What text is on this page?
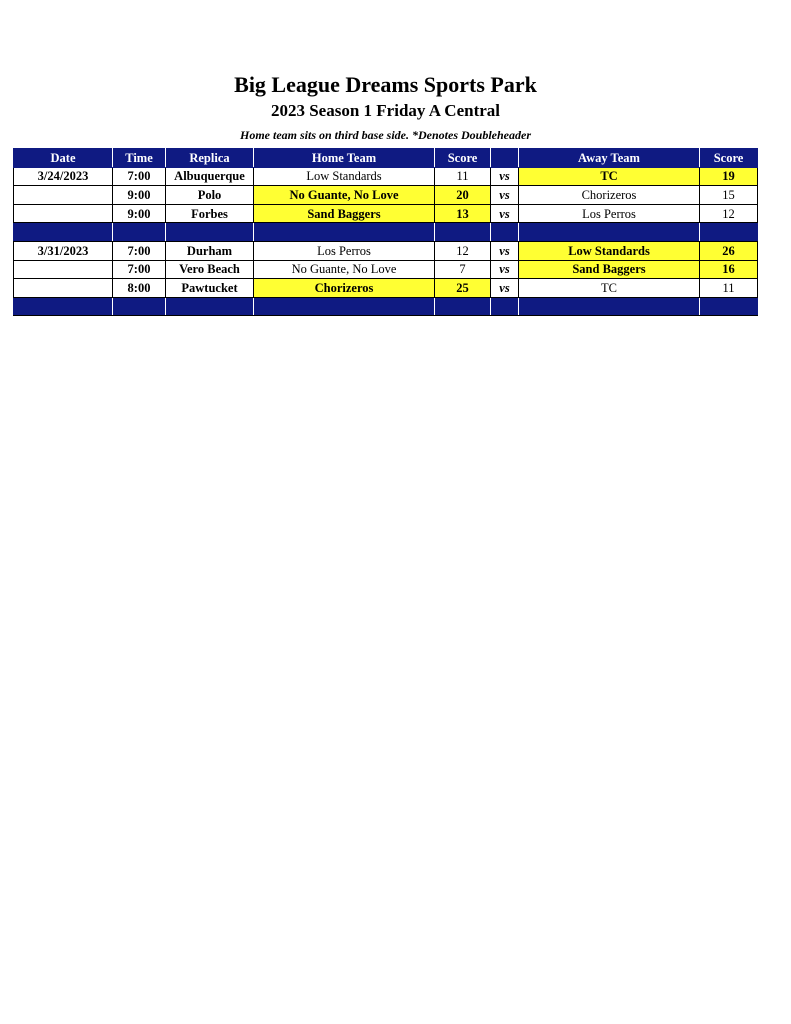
Big League Dreams Sports Park
2023 Season 1 Friday A Central
Home team sits on third base side. *Denotes Doubleheader
Date	Time	Replica	Home Team	Score		Away Team	Score
3/24/2023	7:00	Albuquerque	Low Standards	11	vs	TC	19
	9:00	Polo	No Guante, No Love	20	vs	Chorizeros	15
	9:00	Forbes	Sand Baggers	13	vs	Los Perros	12

3/31/2023	7:00	Durham	Los Perros	12	vs	Low Standards	26
	7:00	Vero Beach	No Guante, No Love	7	vs	Sand Baggers	16
	8:00	Pawtucket	Chorizeros	25	vs	TC	11
